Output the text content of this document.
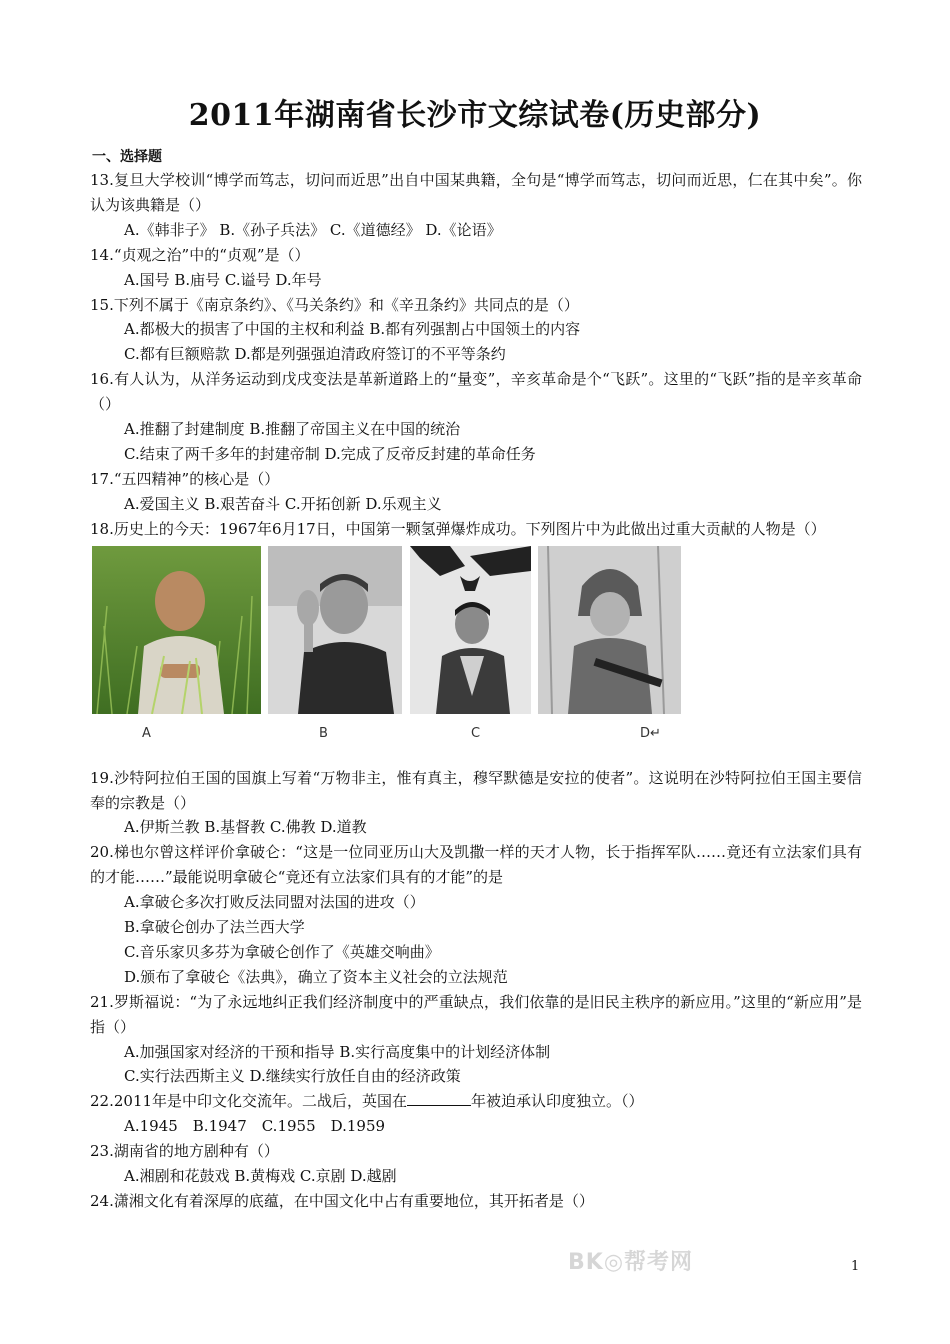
2011年湖南省长沙市文综试卷(历史部分)
一、选择题
13.复旦大学校训“博学而笃志，切问而近思”出自中国某典籍，全句是“博学而笃志，切问而近思，仁在其中矣”。你认为该典籍是（）
A.《韩非子》 B.《孙子兵法》 C.《道德经》 D.《论语》
14.“贞观之治”中的“贞观”是（）
A.国号 B.庙号 C.谥号 D.年号
15.下列不属于《南京条约》、《马关条约》和《辛丑条约》共同点的是（）
A.都极大的损害了中国的主权和利益 B.都有列强割占中国领土的内容
C.都有巨额赔款 D.都是列强强迫清政府签订的不平等条约
16.有人认为，从洋务运动到戊戌变法是革新道路上的“量变”，辛亥革命是个“飞跃”。这里的“飞跃”指的是辛亥革命（）
A.推翻了封建制度 B.推翻了帝国主义在中国的统治
C.结束了两千多年的封建帝制 D.完成了反帝反封建的革命任务
17.“五四精神”的核心是（）
A.爱国主义 B.艰苦奋斗 C.开拓创新 D.乐观主义
18.历史上的今天：1967年6月17日，中国第一颗氢弹爆炸成功。下列图片中为此做出过重大贡献的人物是（）
BK◎帮考网
A	B	C	D↵
19.沙特阿拉伯王国的国旗上写着“万物非主，惟有真主，穆罕默德是安拉的使者”。这说明在沙特阿拉伯王国主要信奉的宗教是（）
A.伊斯兰教 B.基督教 C.佛教 D.道教
20.梯也尔曾这样评价拿破仑：“这是一位同亚历山大及凯撒一样的天才人物，长于指挥军队……竟还有立法家们具有的才能……”最能说明拿破仑“竟还有立法家们具有的才能”的是
A.拿破仑多次打败反法同盟对法国的进攻（）
B.拿破仑创办了法兰西大学
C.音乐家贝多芬为拿破仑创作了《英雄交响曲》
D.颁布了拿破仑《法典》，确立了资本主义社会的立法规范
21.罗斯福说：“为了永远地纠正我们经济制度中的严重缺点，我们依靠的是旧民主秩序的新应用。”这里的“新应用”是指（）
A.加强国家对经济的干预和指导 B.实行高度集中的计划经济体制
C.实行法西斯主义 D.继续实行放任自由的经济政策
22.2011年是中印文化交流年。二战后，英国在	年被迫承认印度独立。（）
A.1945　B.1947　C.1955　D.1959
23.湖南省的地方剧种有（）
A.湘剧和花鼓戏 B.黄梅戏 C.京剧 D.越剧
24.潇湘文化有着深厚的底蕴，在中国文化中占有重要地位，其开拓者是（）
1
